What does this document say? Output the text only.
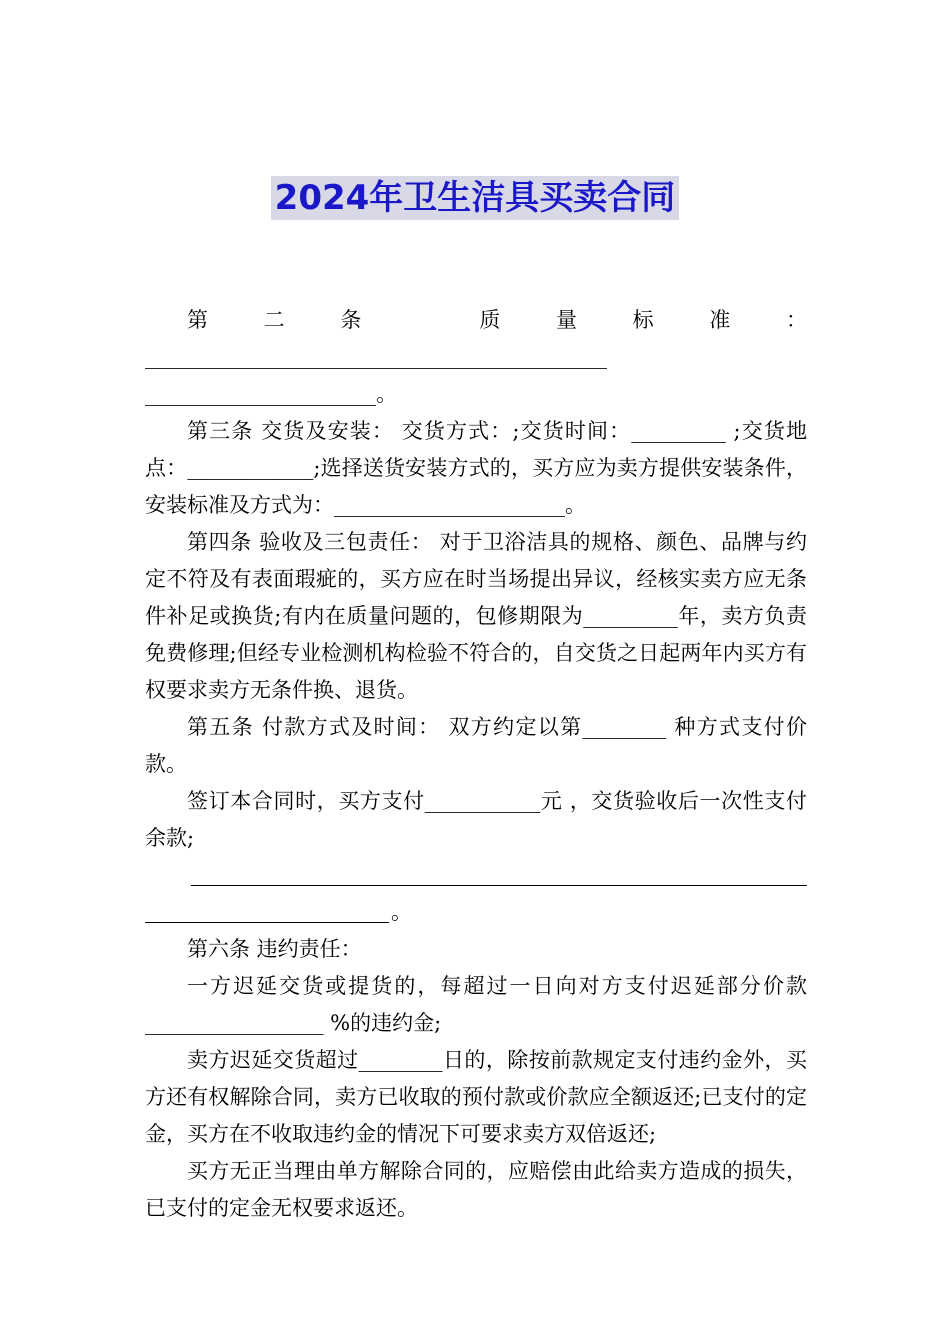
2024年卫生洁具买卖合同

第二条 质量标准：____________________________________________
______________________。

第三条 交货及安装： 交货方式：;交货时间：_________ ;交货地点：____________;选择送货安装方式的，买方应为卖方提供安装条件，安装标准及方式为：______________________。

第四条 验收及三包责任： 对于卫浴洁具的规格、颜色、品牌与约定不符及有表面瑕疵的，买方应在时当场提出异议，经核实卖方应无条件补足或换货;有内在质量问题的，包修期限为_________年，卖方负责免费修理;但经专业检测机构检验不符合的，自交货之日起两年内买方有权要求卖方无条件换、退货。

第五条 付款方式及时间： 双方约定以第________ 种方式支付价款。

签订本合同时，买方支付___________元 ，交货验收后一次性支付余款;

。

第六条 违约责任：

一方迟延交货或提货的，每超过一日向对方支付迟延部分价款_________________ %的违约金;

卖方迟延交货超过________日的，除按前款规定支付违约金外，买方还有权解除合同，卖方已收取的预付款或价款应全额返还;已支付的定金，买方在不收取违约金的情况下可要求卖方双倍返还;

买方无正当理由单方解除合同的，应赔偿由此给卖方造成的损失，已支付的定金无权要求返还。
